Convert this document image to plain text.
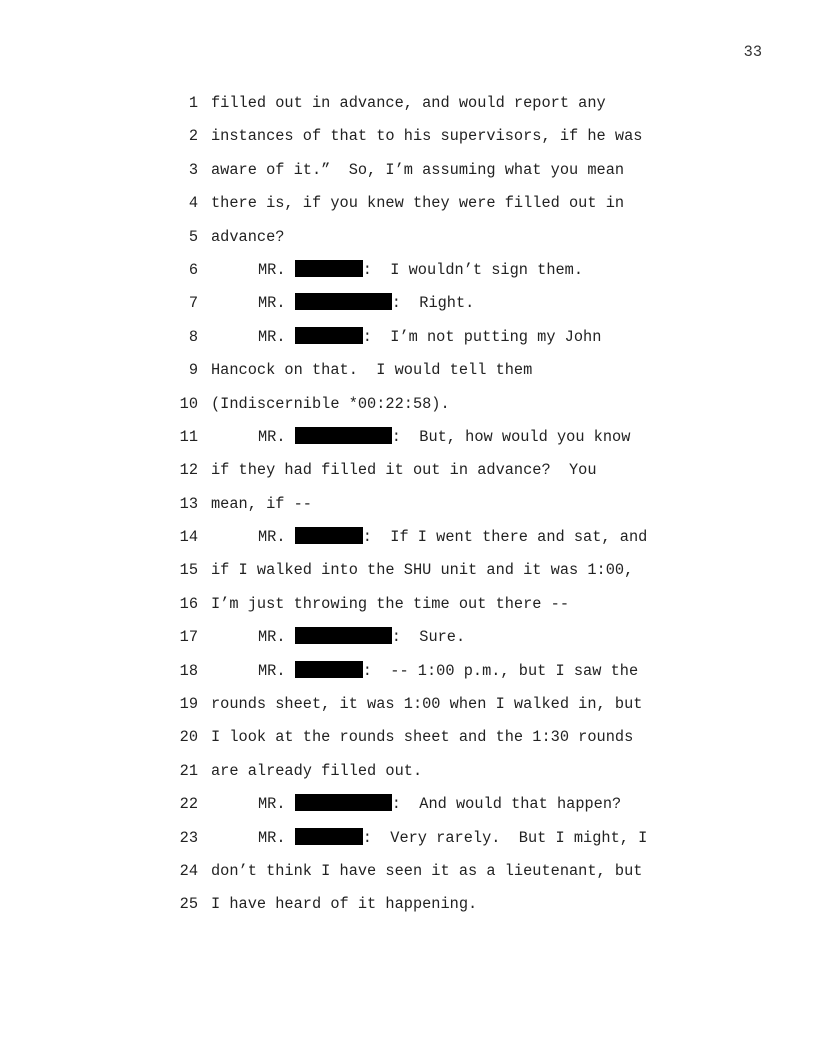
33
1 filled out in advance, and would report any
2 instances of that to his supervisors, if he was
3 aware of it.”  So, I’m assuming what you mean
4 there is, if you knew they were filled out in
5 advance?
6	MR.	:  I wouldn’t sign them.
7	MR.	:  Right.
8	MR.	:  I’m not putting my John
9 Hancock on that.  I would tell them
10 (Indiscernible *00:22:58).
11	MR.	:  But, how would you know
12 if they had filled it out in advance?  You
13 mean, if --
14	MR.	:  If I went there and sat, and
15 if I walked into the SHU unit and it was 1:00,
16 I’m just throwing the time out there --
17	MR.	:  Sure.
18	MR.	:  -- 1:00 p.m., but I saw the
19 rounds sheet, it was 1:00 when I walked in, but
20 I look at the rounds sheet and the 1:30 rounds
21 are already filled out.
22	MR.	:  And would that happen?
23	MR.	:  Very rarely.  But I might, I
24 don’t think I have seen it as a lieutenant, but
25 I have heard of it happening.
